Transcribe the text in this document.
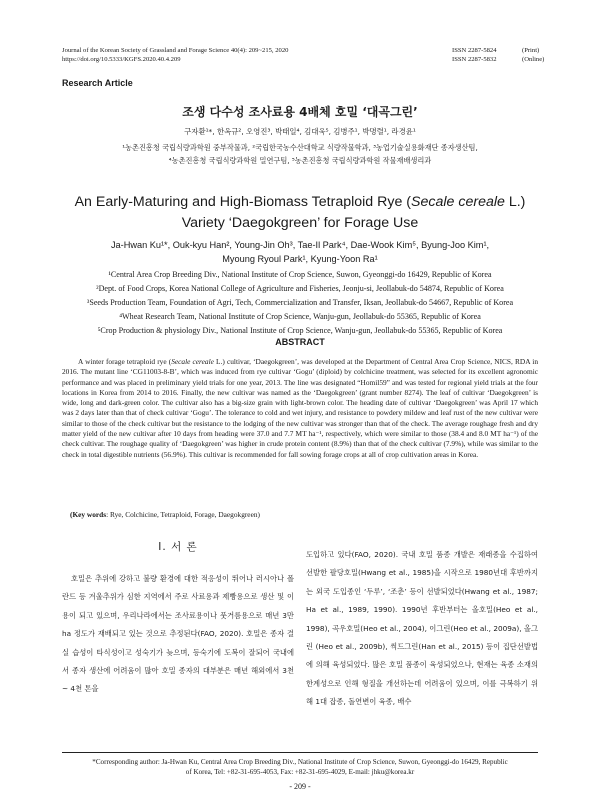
Journal of the Korean Society of Grassland and Forage Science 40(4): 209~215, 2020
https://doi.org/10.5333/KGFS.2020.40.4.209
ISSN 2287-5824	(Print)
ISSN 2287-5832	(Online)
Research Article
조생 다수성 조사료용 4배체 호밀 ‘대곡그린’
구자환¹*, 한옥규², 오영진³, 박태일⁴, 김대욱⁵, 김병주¹, 박명렬¹, 라경윤¹
¹농촌진흥청 국립식량과학원 중부작물과, ²국립한국농수산대학교 식량작물학과, ³농업기술실용화재단 종자생산팀,
⁴농촌진흥청 국립식량과학원 밀연구팀, ⁵농촌진흥청 국립식량과학원 작물재배생리과
An Early-Maturing and High-Biomass Tetraploid Rye (Secale cereale L.)
Variety ‘Daegokgreen’ for Forage Use
Ja-Hwan Ku¹*, Ouk-kyu Han², Young-Jin Oh³, Tae-Il Park⁴, Dae-Wook Kim⁵, Byung-Joo Kim¹,
Myoung Ryoul Park¹, Kyung-Yoon Ra¹
¹Central Area Crop Breeding Div., National Institute of Crop Science, Suwon, Gyeonggi-do 16429, Republic of Korea
²Dept. of Food Crops, Korea National College of Agriculture and Fisheries, Jeonju-si, Jeollabuk-do 54874, Republic of Korea
³Seeds Production Team, Foundation of Agri, Tech, Commercialization and Transfer, Iksan, Jeollabuk-do 54667, Republic of Korea
⁴Wheat Research Team, National Institute of Crop Science, Wanju-gun, Jeollabuk-do 55365, Republic of Korea
⁵Crop Production & physiology Div., National Institute of Crop Science, Wanju-gun, Jeollabuk-do 55365, Republic of Korea
ABSTRACT
A winter forage tetraploid rye (Secale cereale L.) cultivar, ‘Daegokgreen’, was developed at the Department of Central Area Crop Science, NICS, RDA in 2016. The mutant line ‘CG11003-8-B’, which was induced from rye cultivar ‘Gogu’ (diploid) by colchicine treatment, was selected for its excellent agronomic performance and was placed in preliminary yield trials for one year, 2013. The line was designated “Homil59” and was tested for regional yield trials at the four locations in Korea from 2014 to 2016. Finally, the new cultivar was named as the ‘Daegokgreen’ (grant number 8274). The leaf of cultivar ‘Daegokgreen’ is wide, long and dark-green color. The cultivar also has a big-size grain with light-brown color. The heading date of cultivar ‘Daegokgreen’ was April 17 which was 2 days later than that of check cultivar ‘Gogu’. The tolerance to cold and wet injury, and resistance to powdery mildew and leaf rust of the new cultivar were similar to those of the check cultivar but the resistance to the lodging of the new cultivar was stronger than that of the check. The average roughage fresh and dry matter yield of the new cultivar after 10 days from heading were 37.0 and 7.7 MT ha⁻¹, respectively, which were similar to those (38.4 and 8.0 MT ha⁻¹) of the check cultivar. The roughage quality of ‘Daegokgreen’ was higher in crude protein content (8.9%) than that of the check cultivar (7.9%), while was similar to the check in total digestible nutrients (56.9%). This cultivar is recommended for fall sowing forage crops at all of crop cultivation areas in Korea.
(Key words: Rye, Colchicine, Tetraploid, Forage, Daegokgreen)
Ⅰ. 서 론
호밀은 추위에 강하고 불량 환경에 대한 적응성이 뛰어나 러시아나 폴란드 등 겨울추위가 심한 지역에서 주로 사료용과 제빵용으로 생산 및 이용이 되고 있으며, 우리나라에서는 조사료용이나 풋거름용으로 매년 3만ha 정도가 재배되고 있는 것으로 추정된다(FAO, 2020). 호밀은 종자 결실 습성이 타식성이고 성숙기가 늦으며, 등숙기에 도복이 잘되어 국내에서 종자 생산에 어려움이 많아 호밀 종자의 대부분은 매년 해외에서 3천 ~ 4천 톤을
도입하고 있다(FAO, 2020). 국내 호밀 품종 개발은 재래종을 수집하여 선발한 팔당호밀(Hwang et al., 1985)을 시작으로 1980년대 후반까지는 외국 도입종인 ‘두루’, ‘조춘’ 등이 선발되었다(Hwang et al., 1987; Ha et al., 1989, 1990). 1990년 후반부터는 올호밀(Heo et al., 1998), 곡우호밀(Heo et al., 2004), 이그린(Heo et al., 2009a), 올그린 (Heo et al., 2009b), 씩드그린(Han et al., 2015) 등이 집단선발법에 의해 육성되었다. 많은 호밀 품종이 육성되었으나, 현재는 육종 소재의 한계성으로 인해 형질을 개선하는데 어려움이 있으며, 이를 극복하기 위해 1대 잡종, 돌연변이 육종, 배수
*Corresponding author: Ja-Hwan Ku, Central Area Crop Breeding Div., National Institute of Crop Science, Suwon, Gyeonggi-do 16429, Republic
of Korea, Tel: +82-31-695-4053, Fax: +82-31-695-4029, E-mail: jhku@korea.kr
- 209 -
